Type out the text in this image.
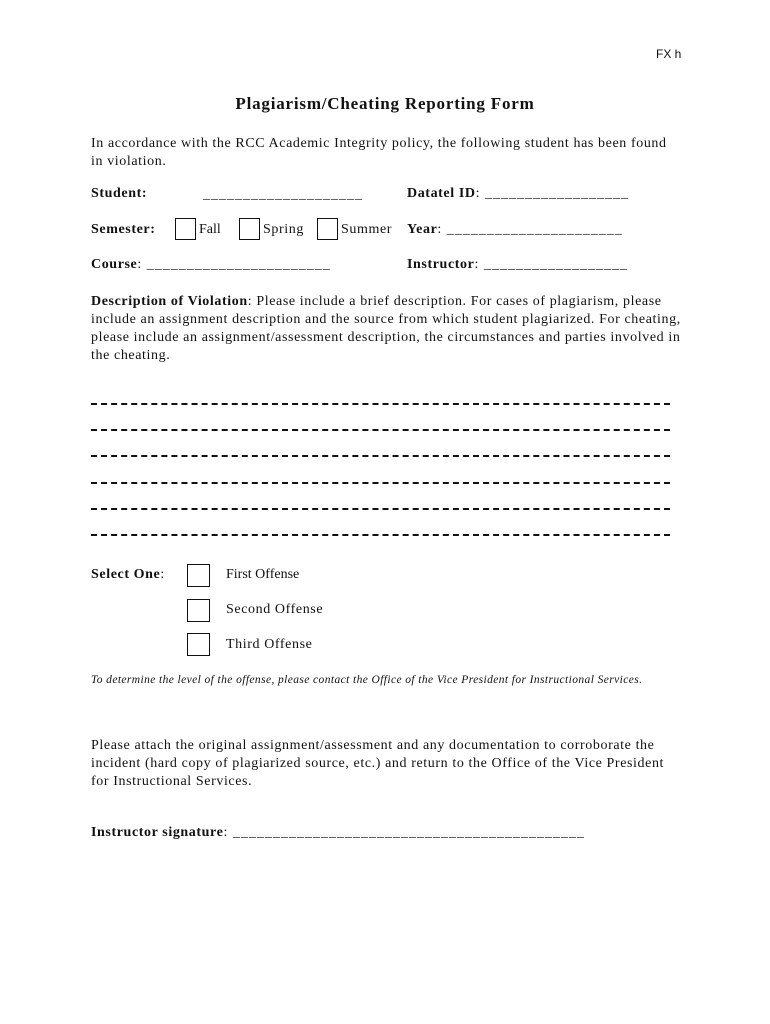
FX h
Plagiarism/Cheating Reporting Form
In accordance with the RCC Academic Integrity policy, the following student has been found in violation.
Student:	____________________	Datatel ID: __________________
Semester:	Fall	Spring	Summer Year: ______________________
Course: _______________________	Instructor: __________________
Description of Violation: Please include a brief description. For cases of plagiarism, please include an assignment description and the source from which student plagiarized. For cheating, please include an assignment/assessment description, the circumstances and parties involved in the cheating.
Select One:	First Offense
Second Offense
Third Offense
To determine the level of the offense, please contact the Office of the Vice President for Instructional Services.
Please attach the original assignment/assessment and any documentation to corroborate the incident (hard copy of plagiarized source, etc.) and return to the Office of the Vice President for Instructional Services.
Instructor signature: ____________________________________________
